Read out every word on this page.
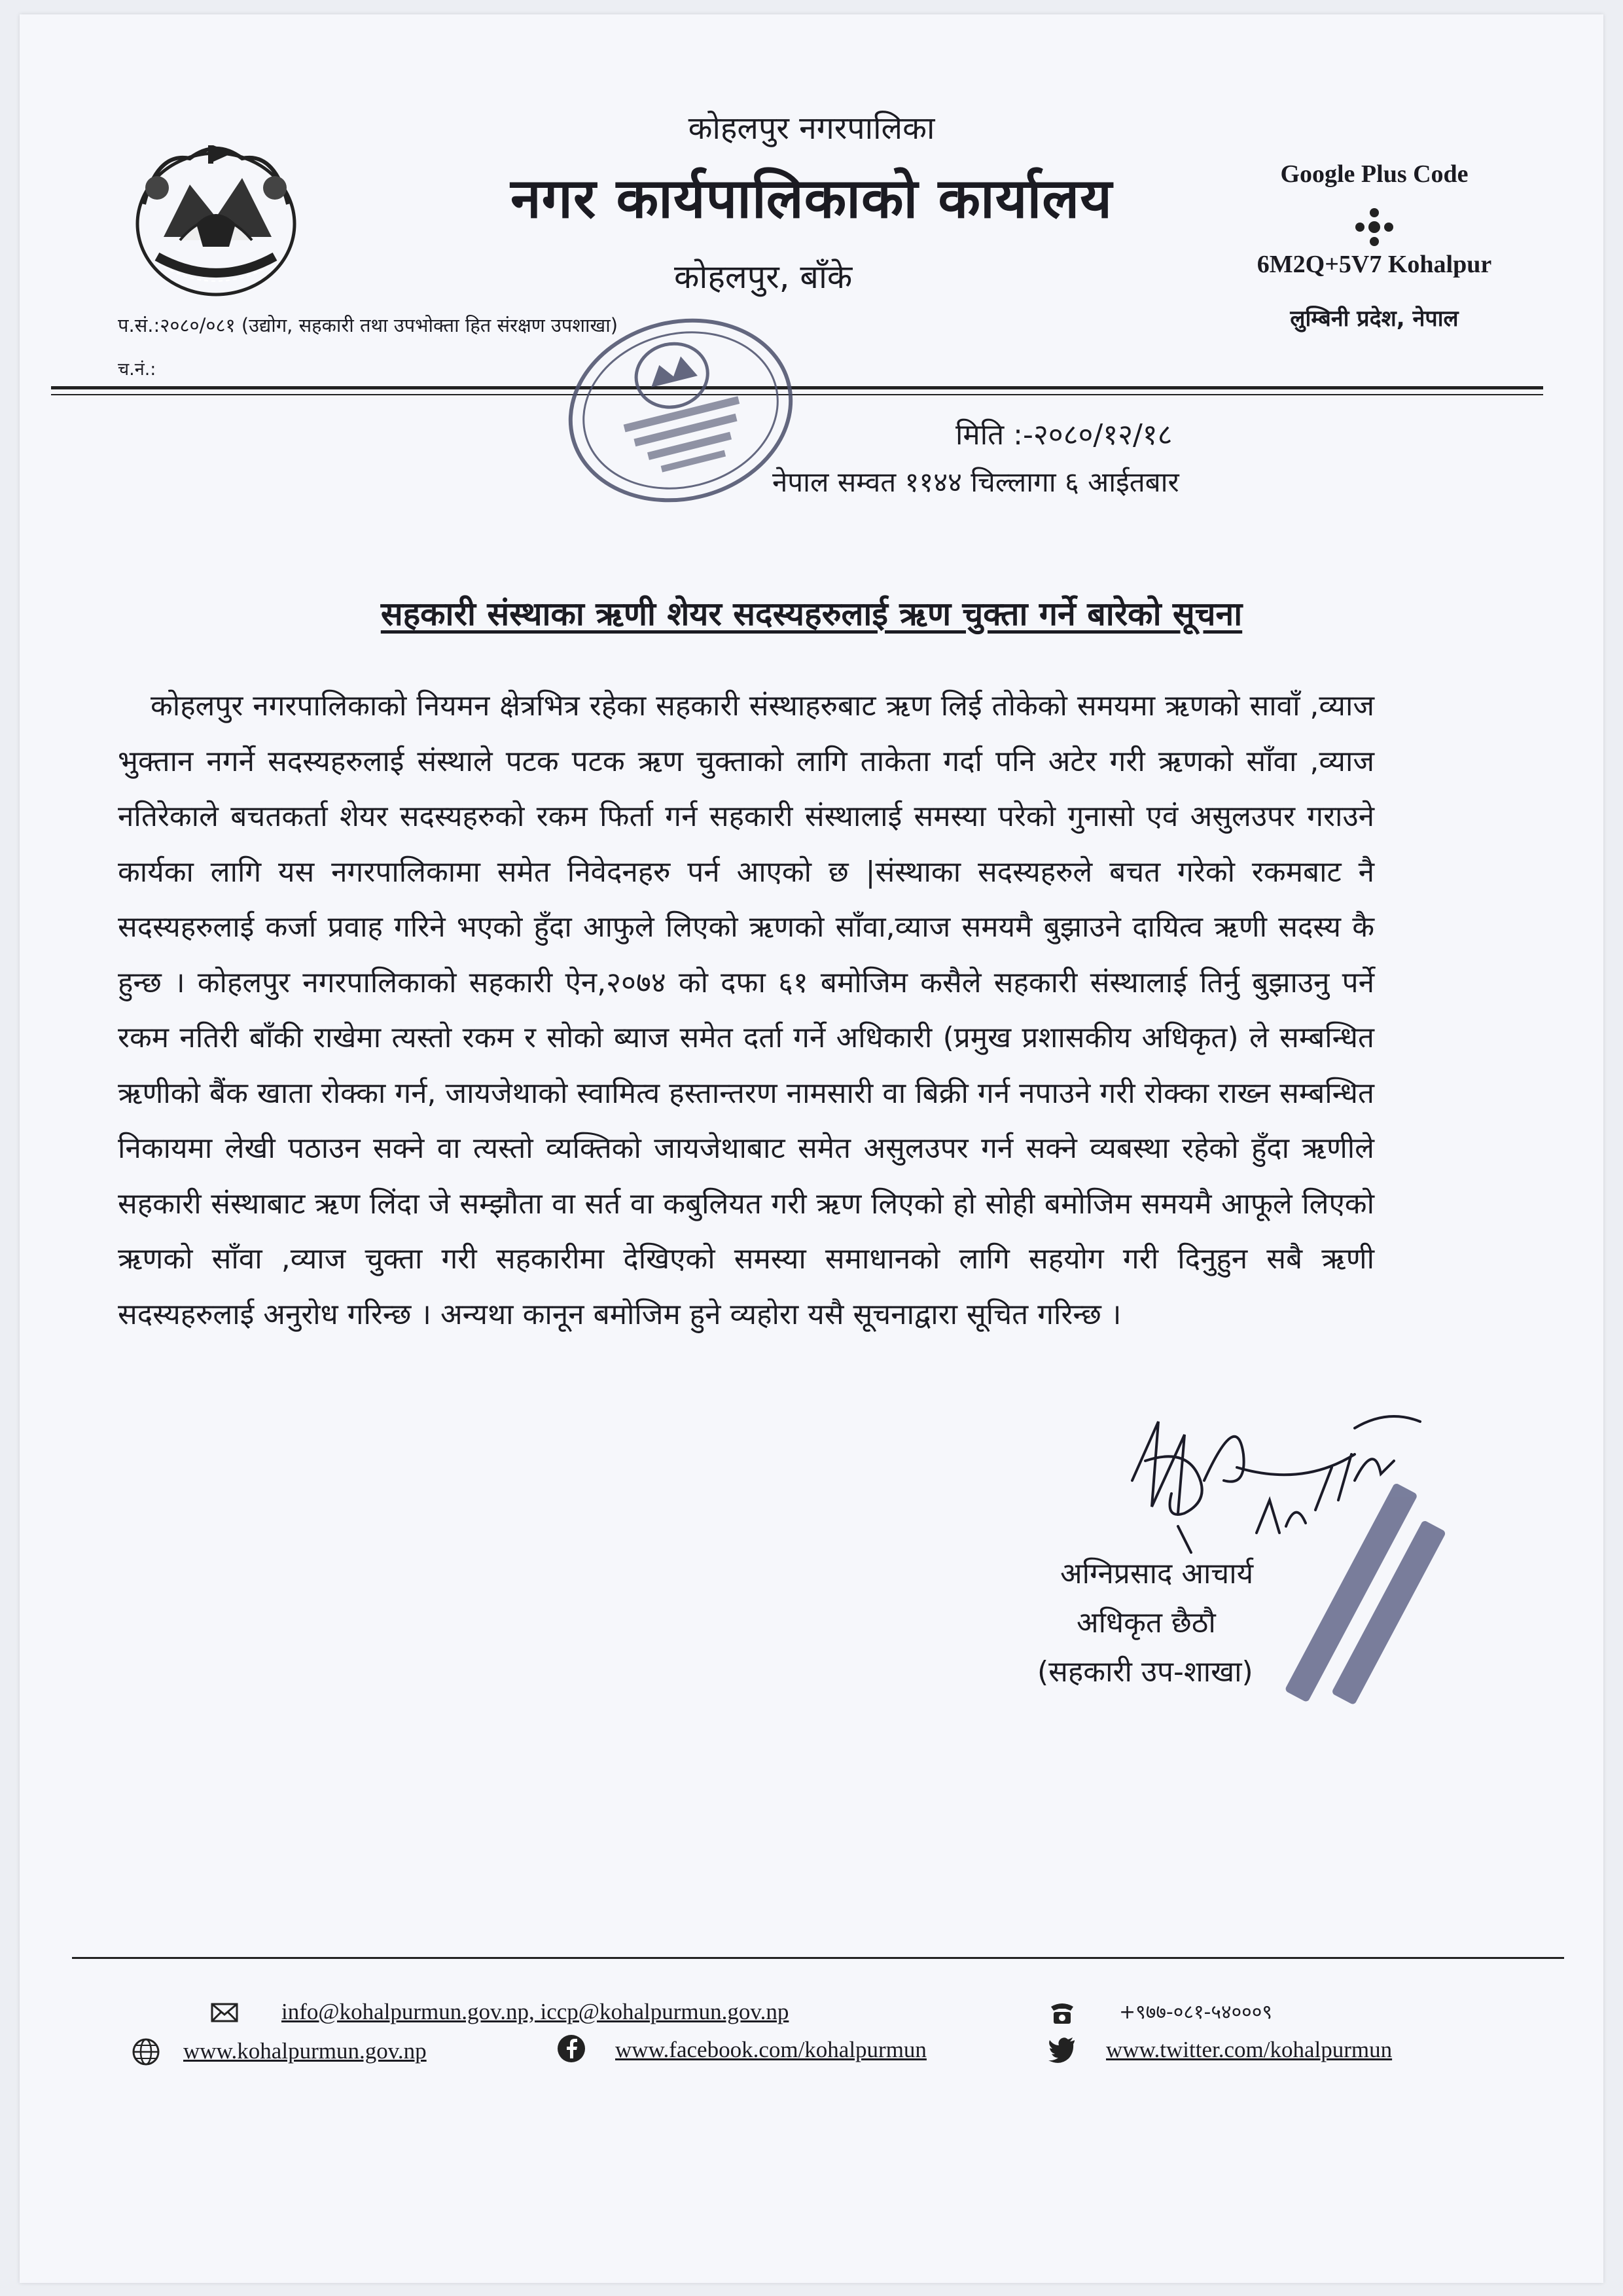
कोहलपुर नगरपालिका
नगर कार्यपालिकाको कार्यालय
कोहलपुर, बाँके
Google Plus Code
6M2Q+5V7 Kohalpur
लुम्बिनी प्रदेश, नेपाल
प.सं.:२०८०/०८१ (उद्योग, सहकारी तथा उपभोक्ता हित संरक्षण उपशाखा)
च.नं.:
मिति :-२०८०/१२/१८
नेपाल सम्वत ११४४ चिल्लागा ६ आईतबार
सहकारी संस्थाका ऋणी शेयर सदस्यहरुलाई ऋण चुक्ता गर्ने बारेको सूचना
कोहलपुर नगरपालिकाको नियमन क्षेत्रभित्र रहेका सहकारी संस्थाहरुबाट ऋण लिई तोकेको समयमा ऋणको सावाँ ,व्याज भुक्तान नगर्ने सदस्यहरुलाई संस्थाले पटक पटक ऋण चुक्ताको लागि ताकेता गर्दा पनि अटेर गरी ऋणको साँवा ,व्याज नतिरेकाले बचतकर्ता शेयर सदस्यहरुको रकम फिर्ता गर्न सहकारी संस्थालाई समस्या परेको गुनासो एवं असुलउपर गराउने कार्यका लागि यस नगरपालिकामा समेत निवेदनहरु पर्न आएको छ |संस्थाका सदस्यहरुले बचत गरेको रकमबाट नै सदस्यहरुलाई कर्जा प्रवाह गरिने भएको हुँदा आफुले लिएको ऋणको साँवा,व्याज समयमै बुझाउने दायित्व ऋणी सदस्य कै हुन्छ । कोहलपुर नगरपालिकाको सहकारी ऐन,२०७४ को दफा ६१ बमोजिम कसैले सहकारी संस्थालाई तिर्नु बुझाउनु पर्ने रकम नतिरी बाँकी राखेमा त्यस्तो रकम र सोको ब्याज समेत दर्ता गर्ने अधिकारी (प्रमुख प्रशासकीय अधिकृत) ले सम्बन्धित ऋणीको बैंक खाता रोक्का गर्न, जायजेथाको स्वामित्व हस्तान्तरण नामसारी वा बिक्री गर्न नपाउने गरी रोक्का राख्न सम्बन्धित निकायमा लेखी पठाउन सक्ने वा त्यस्तो व्यक्तिको जायजेथाबाट समेत असुलउपर गर्न सक्ने व्यबस्था रहेको हुँदा ऋणीले सहकारी संस्थाबाट ऋण लिंदा जे सम्झौता वा सर्त वा कबुलियत गरी ऋण लिएको हो सोही बमोजिम समयमै आफूले लिएको ऋणको साँवा ,व्याज चुक्ता गरी सहकारीमा देखिएको समस्या समाधानको लागि सहयोग गरी दिनुहुन सबै ऋणी सदस्यहरुलाई अनुरोध गरिन्छ । अन्यथा कानून बमोजिम हुने व्यहोरा यसै सूचनाद्वारा सूचित गरिन्छ ।
अग्निप्रसाद आचार्य
अधिकृत छैठौ
(सहकारी उप-शाखा)
info@kohalpurmun.gov.np, iccp@kohalpurmun.gov.np	+९७७-०८१-५४०००९
www.kohalpurmun.gov.np	www.facebook.com/kohalpurmun	www.twitter.com/kohalpurmun
